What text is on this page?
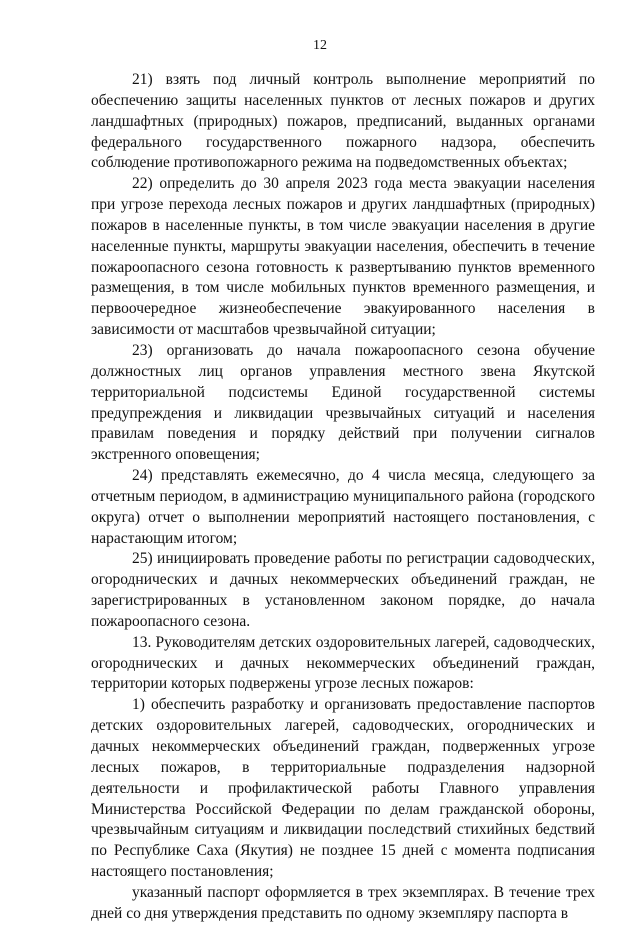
12

21) взять под личный контроль выполнение мероприятий по обеспечению защиты населенных пунктов от лесных пожаров и других ландшафтных (природных) пожаров, предписаний, выданных органами федерального государственного пожарного надзора, обеспечить соблюдение противопожарного режима на подведомственных объектах;

22) определить до 30 апреля 2023 года места эвакуации населения при угрозе перехода лесных пожаров и других ландшафтных (природных) пожаров в населенные пункты, в том числе эвакуации населения в другие населенные пункты, маршруты эвакуации населения, обеспечить в течение пожароопасного сезона готовность к развертыванию пунктов временного размещения, в том числе мобильных пунктов временного размещения, и первоочередное жизнеобеспечение эвакуированного населения в зависимости от масштабов чрезвычайной ситуации;

23) организовать до начала пожароопасного сезона обучение должностных лиц органов управления местного звена Якутской территориальной подсистемы Единой государственной системы предупреждения и ликвидации чрезвычайных ситуаций и населения правилам поведения и порядку действий при получении сигналов экстренного оповещения;

24) представлять ежемесячно, до 4 числа месяца, следующего за отчетным периодом, в администрацию муниципального района (городского округа) отчет о выполнении мероприятий настоящего постановления, с нарастающим итогом;

25) инициировать проведение работы по регистрации садоводческих, огороднических и дачных некоммерческих объединений граждан, не зарегистрированных в установленном законом порядке, до начала пожароопасного сезона.

13. Руководителям детских оздоровительных лагерей, садоводческих, огороднических и дачных некоммерческих объединений граждан, территории которых подвержены угрозе лесных пожаров:

1) обеспечить разработку и организовать предоставление паспортов детских оздоровительных лагерей, садоводческих, огороднических и дачных некоммерческих объединений граждан, подверженных угрозе лесных пожаров, в территориальные подразделения надзорной деятельности и профилактической работы Главного управления Министерства Российской Федерации по делам гражданской обороны, чрезвычайным ситуациям и ликвидации последствий стихийных бедствий по Республике Саха (Якутия) не позднее 15 дней с момента подписания настоящего постановления;

указанный паспорт оформляется в трех экземплярах. В течение трех дней со дня утверждения представить по одному экземпляру паспорта в
